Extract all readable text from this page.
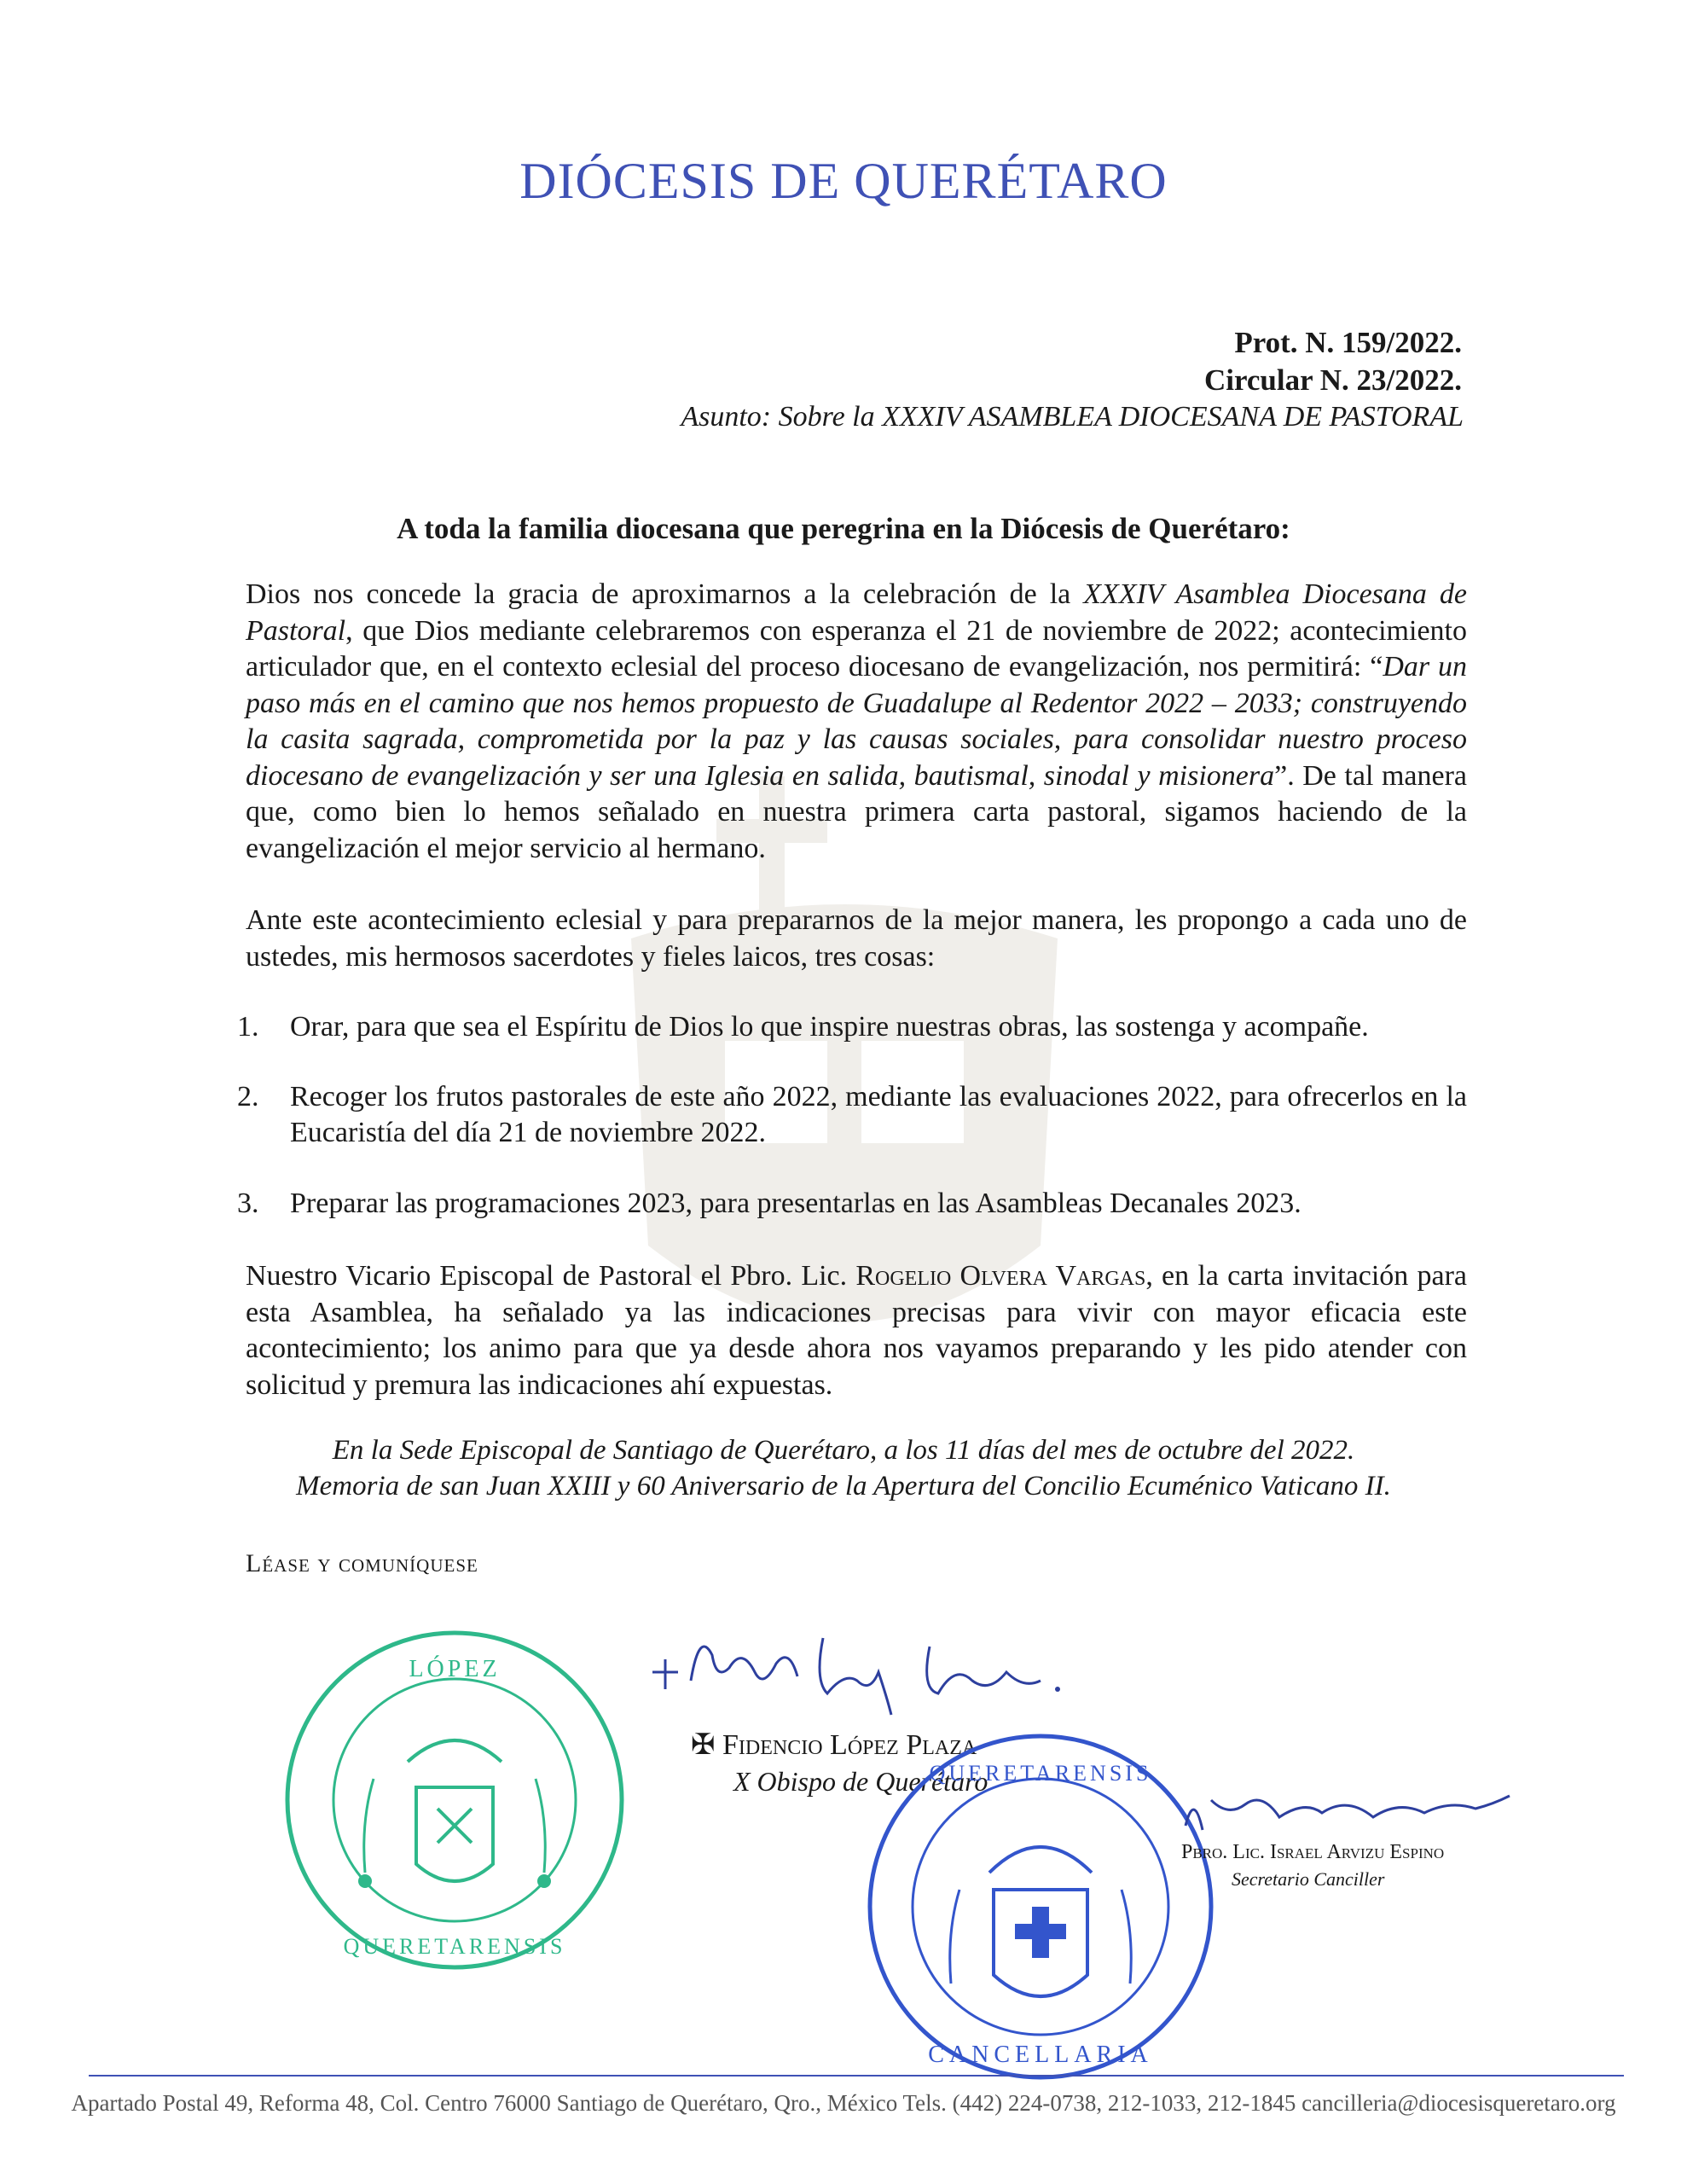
DIÓCESIS DE QUERÉTARO
Prot. N. 159/2022.
Circular N. 23/2022.
Asunto: Sobre la XXXIV ASAMBLEA DIOCESANA DE PASTORAL
A toda la familia diocesana que peregrina en la Diócesis de Querétaro:
Dios nos concede la gracia de aproximarnos a la celebración de la XXXIV Asamblea Diocesana de Pastoral, que Dios mediante celebraremos con esperanza el 21 de noviembre de 2022; acontecimiento articulador que, en el contexto eclesial del proceso diocesano de evangelización, nos permitirá: “Dar un paso más en el camino que nos hemos propuesto de Guadalupe al Redentor 2022 – 2033; construyendo la casita sagrada, comprometida por la paz y las causas sociales, para consolidar nuestro proceso diocesano de evangelización y ser una Iglesia en salida, bautismal, sinodal y misionera”. De tal manera que, como bien lo hemos señalado en nuestra primera carta pastoral, sigamos haciendo de la evangelización el mejor servicio al hermano.
Ante este acontecimiento eclesial y para prepararnos de la mejor manera, les propongo a cada uno de ustedes, mis hermosos sacerdotes y fieles laicos, tres cosas:
1. Orar, para que sea el Espíritu de Dios lo que inspire nuestras obras, las sostenga y acompañe.
2. Recoger los frutos pastorales de este año 2022, mediante las evaluaciones 2022, para ofrecerlos en la Eucaristía del día 21 de noviembre 2022.
3. Preparar las programaciones 2023, para presentarlas en las Asambleas Decanales 2023.
Nuestro Vicario Episcopal de Pastoral el Pbro. Lic. Rogelio Olvera Vargas, en la carta invitación para esta Asamblea, ha señalado ya las indicaciones precisas para vivir con mayor eficacia este acontecimiento; los animo para que ya desde ahora nos vayamos preparando y les pido atender con solicitud y premura las indicaciones ahí expuestas.
En la Sede Episcopal de Santiago de Querétaro, a los 11 días del mes de octubre del 2022.
Memoria de san Juan XXIII y 60 Aniversario de la Apertura del Concilio Ecuménico Vaticano II.
Léase y comuníquese
LÓPEZ
QUERETARENSIS
✠ Fidencio López Plaza
X Obispo de Querétaro
QUERETARENSIS
CANCELLARIA
Pbro. Lic. Israel Arvizu Espino
Secretario Canciller
Apartado Postal 49, Reforma 48, Col. Centro 76000 Santiago de Querétaro, Qro., México Tels. (442) 224-0738, 212-1033, 212-1845 cancilleria@diocesisqueretaro.org
